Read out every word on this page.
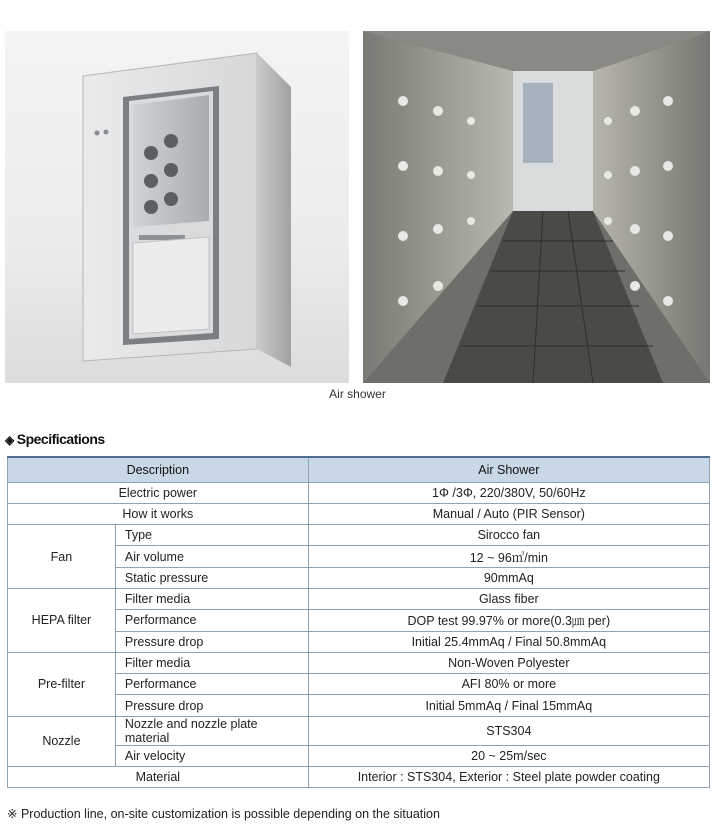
Air shower
◈ Specifications
Description		Air Shower
Electric power		1Φ /3Φ, 220/380V, 50/60Hz
How it works		Manual / Auto (PIR Sensor)
Fan	Type	Sirocco fan
	Air volume	12 ~ 96㎥/min
	Static pressure	90mmAq
HEPA filter	Filter media	Glass fiber
	Performance	DOP test 99.97% or more(0.3㎛ per)
	Pressure drop	Initial 25.4mmAq / Final 50.8mmAq
Pre-filter	Filter media	Non-Woven Polyester
	Performance	AFI 80% or more
	Pressure drop	Initial 5mmAq / Final 15mmAq
Nozzle	Nozzle and nozzle plate material	STS304
	Air velocity	20 ~ 25m/sec
Material		Interior : STS304, Exterior : Steel plate powder coating
※ Production line, on-site customization is possible depending on the situation
